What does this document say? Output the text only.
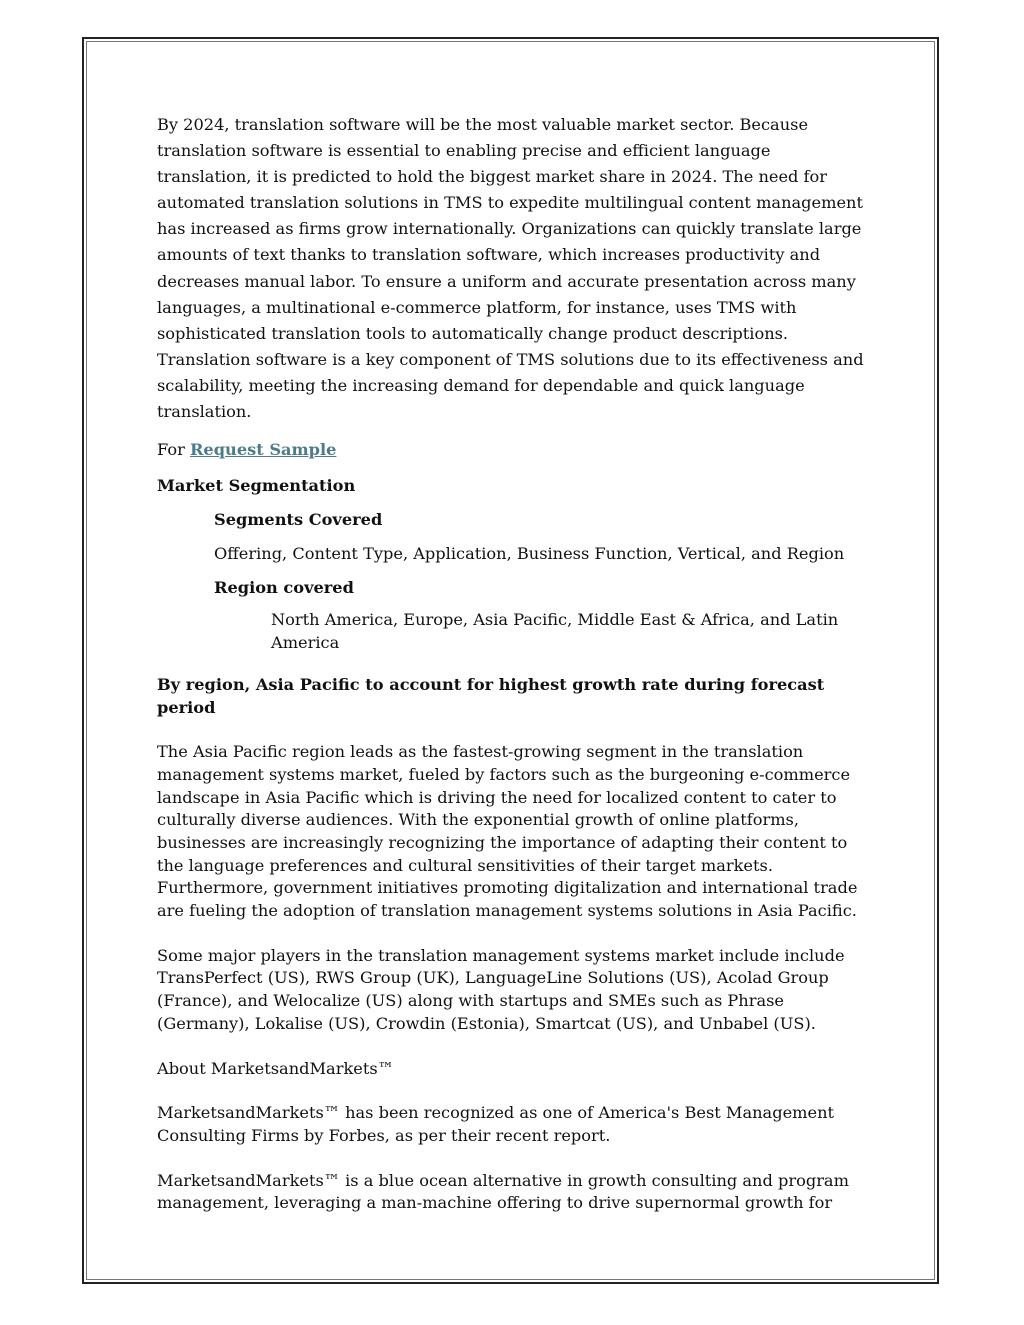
By 2024, translation software will be the most valuable market sector. Because translation software is essential to enabling precise and efficient language translation, it is predicted to hold the biggest market share in 2024. The need for automated translation solutions in TMS to expedite multilingual content management has increased as firms grow internationally. Organizations can quickly translate large amounts of text thanks to translation software, which increases productivity and decreases manual labor. To ensure a uniform and accurate presentation across many languages, a multinational e-commerce platform, for instance, uses TMS with sophisticated translation tools to automatically change product descriptions. Translation software is a key component of TMS solutions due to its effectiveness and scalability, meeting the increasing demand for dependable and quick language translation.

For Request Sample

Market Segmentation
Segments Covered
Offering, Content Type, Application, Business Function, Vertical, and Region
Region covered
North America, Europe, Asia Pacific, Middle East & Africa, and Latin America
By region, Asia Pacific to account for highest growth rate during forecast period

The Asia Pacific region leads as the fastest-growing segment in the translation management systems market, fueled by factors such as the burgeoning e-commerce landscape in Asia Pacific which is driving the need for localized content to cater to culturally diverse audiences. With the exponential growth of online platforms, businesses are increasingly recognizing the importance of adapting their content to the language preferences and cultural sensitivities of their target markets. Furthermore, government initiatives promoting digitalization and international trade are fueling the adoption of translation management systems solutions in Asia Pacific.

Some major players in the translation management systems market include include TransPerfect (US), RWS Group (UK), LanguageLine Solutions (US), Acolad Group (France), and Welocalize (US) along with startups and SMEs such as Phrase (Germany), Lokalise (US), Crowdin (Estonia), Smartcat (US), and Unbabel (US).

About MarketsandMarkets™

MarketsandMarkets™ has been recognized as one of America's Best Management Consulting Firms by Forbes, as per their recent report.

MarketsandMarkets™ is a blue ocean alternative in growth consulting and program management, leveraging a man-machine offering to drive supernormal growth for
